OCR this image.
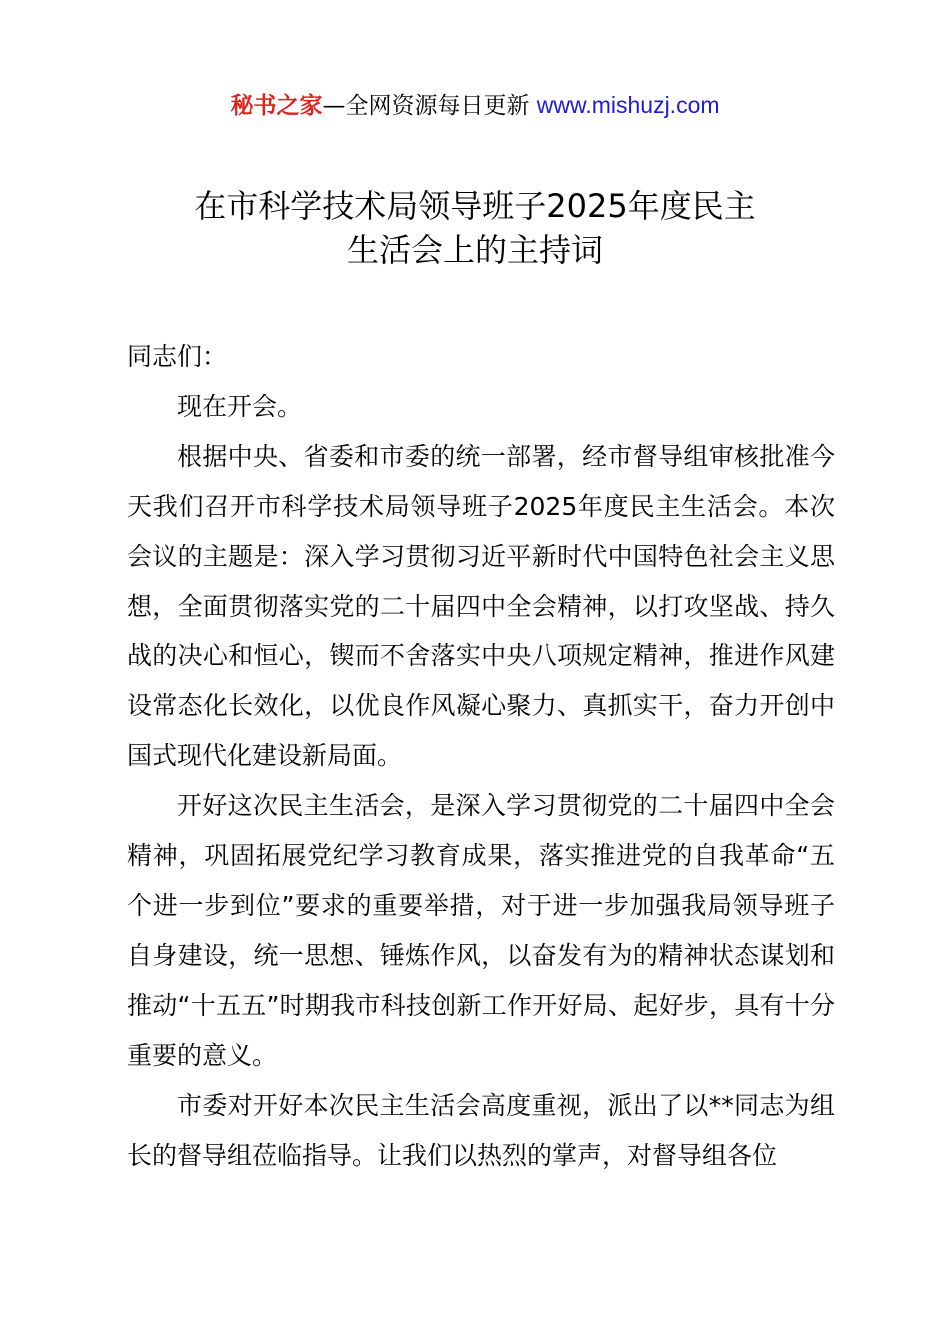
秘书之家—全网资源每日更新 www.mishuzj.com
在市科学技术局领导班子2025年度民主
生活会上的主持词

同志们：

现在开会。

根据中央、省委和市委的统一部署，经市督导组审核批准今天我们召开市科学技术局领导班子2025年度民主生活会。本次会议的主题是：深入学习贯彻习近平新时代中国特色社会主义思想，全面贯彻落实党的二十届四中全会精神，以打攻坚战、持久战的决心和恒心，锲而不舍落实中央八项规定精神，推进作风建设常态化长效化，以优良作风凝心聚力、真抓实干，奋力开创中国式现代化建设新局面。

开好这次民主生活会，是深入学习贯彻党的二十届四中全会精神，巩固拓展党纪学习教育成果，落实推进党的自我革命“五个进一步到位”要求的重要举措，对于进一步加强我局领导班子自身建设，统一思想、锤炼作风，以奋发有为的精神状态谋划和推动“十五五”时期我市科技创新工作开好局、起好步，具有十分重要的意义。

市委对开好本次民主生活会高度重视，派出了以**同志为组长的督导组莅临指导。让我们以热烈的掌声，对督导组各位
